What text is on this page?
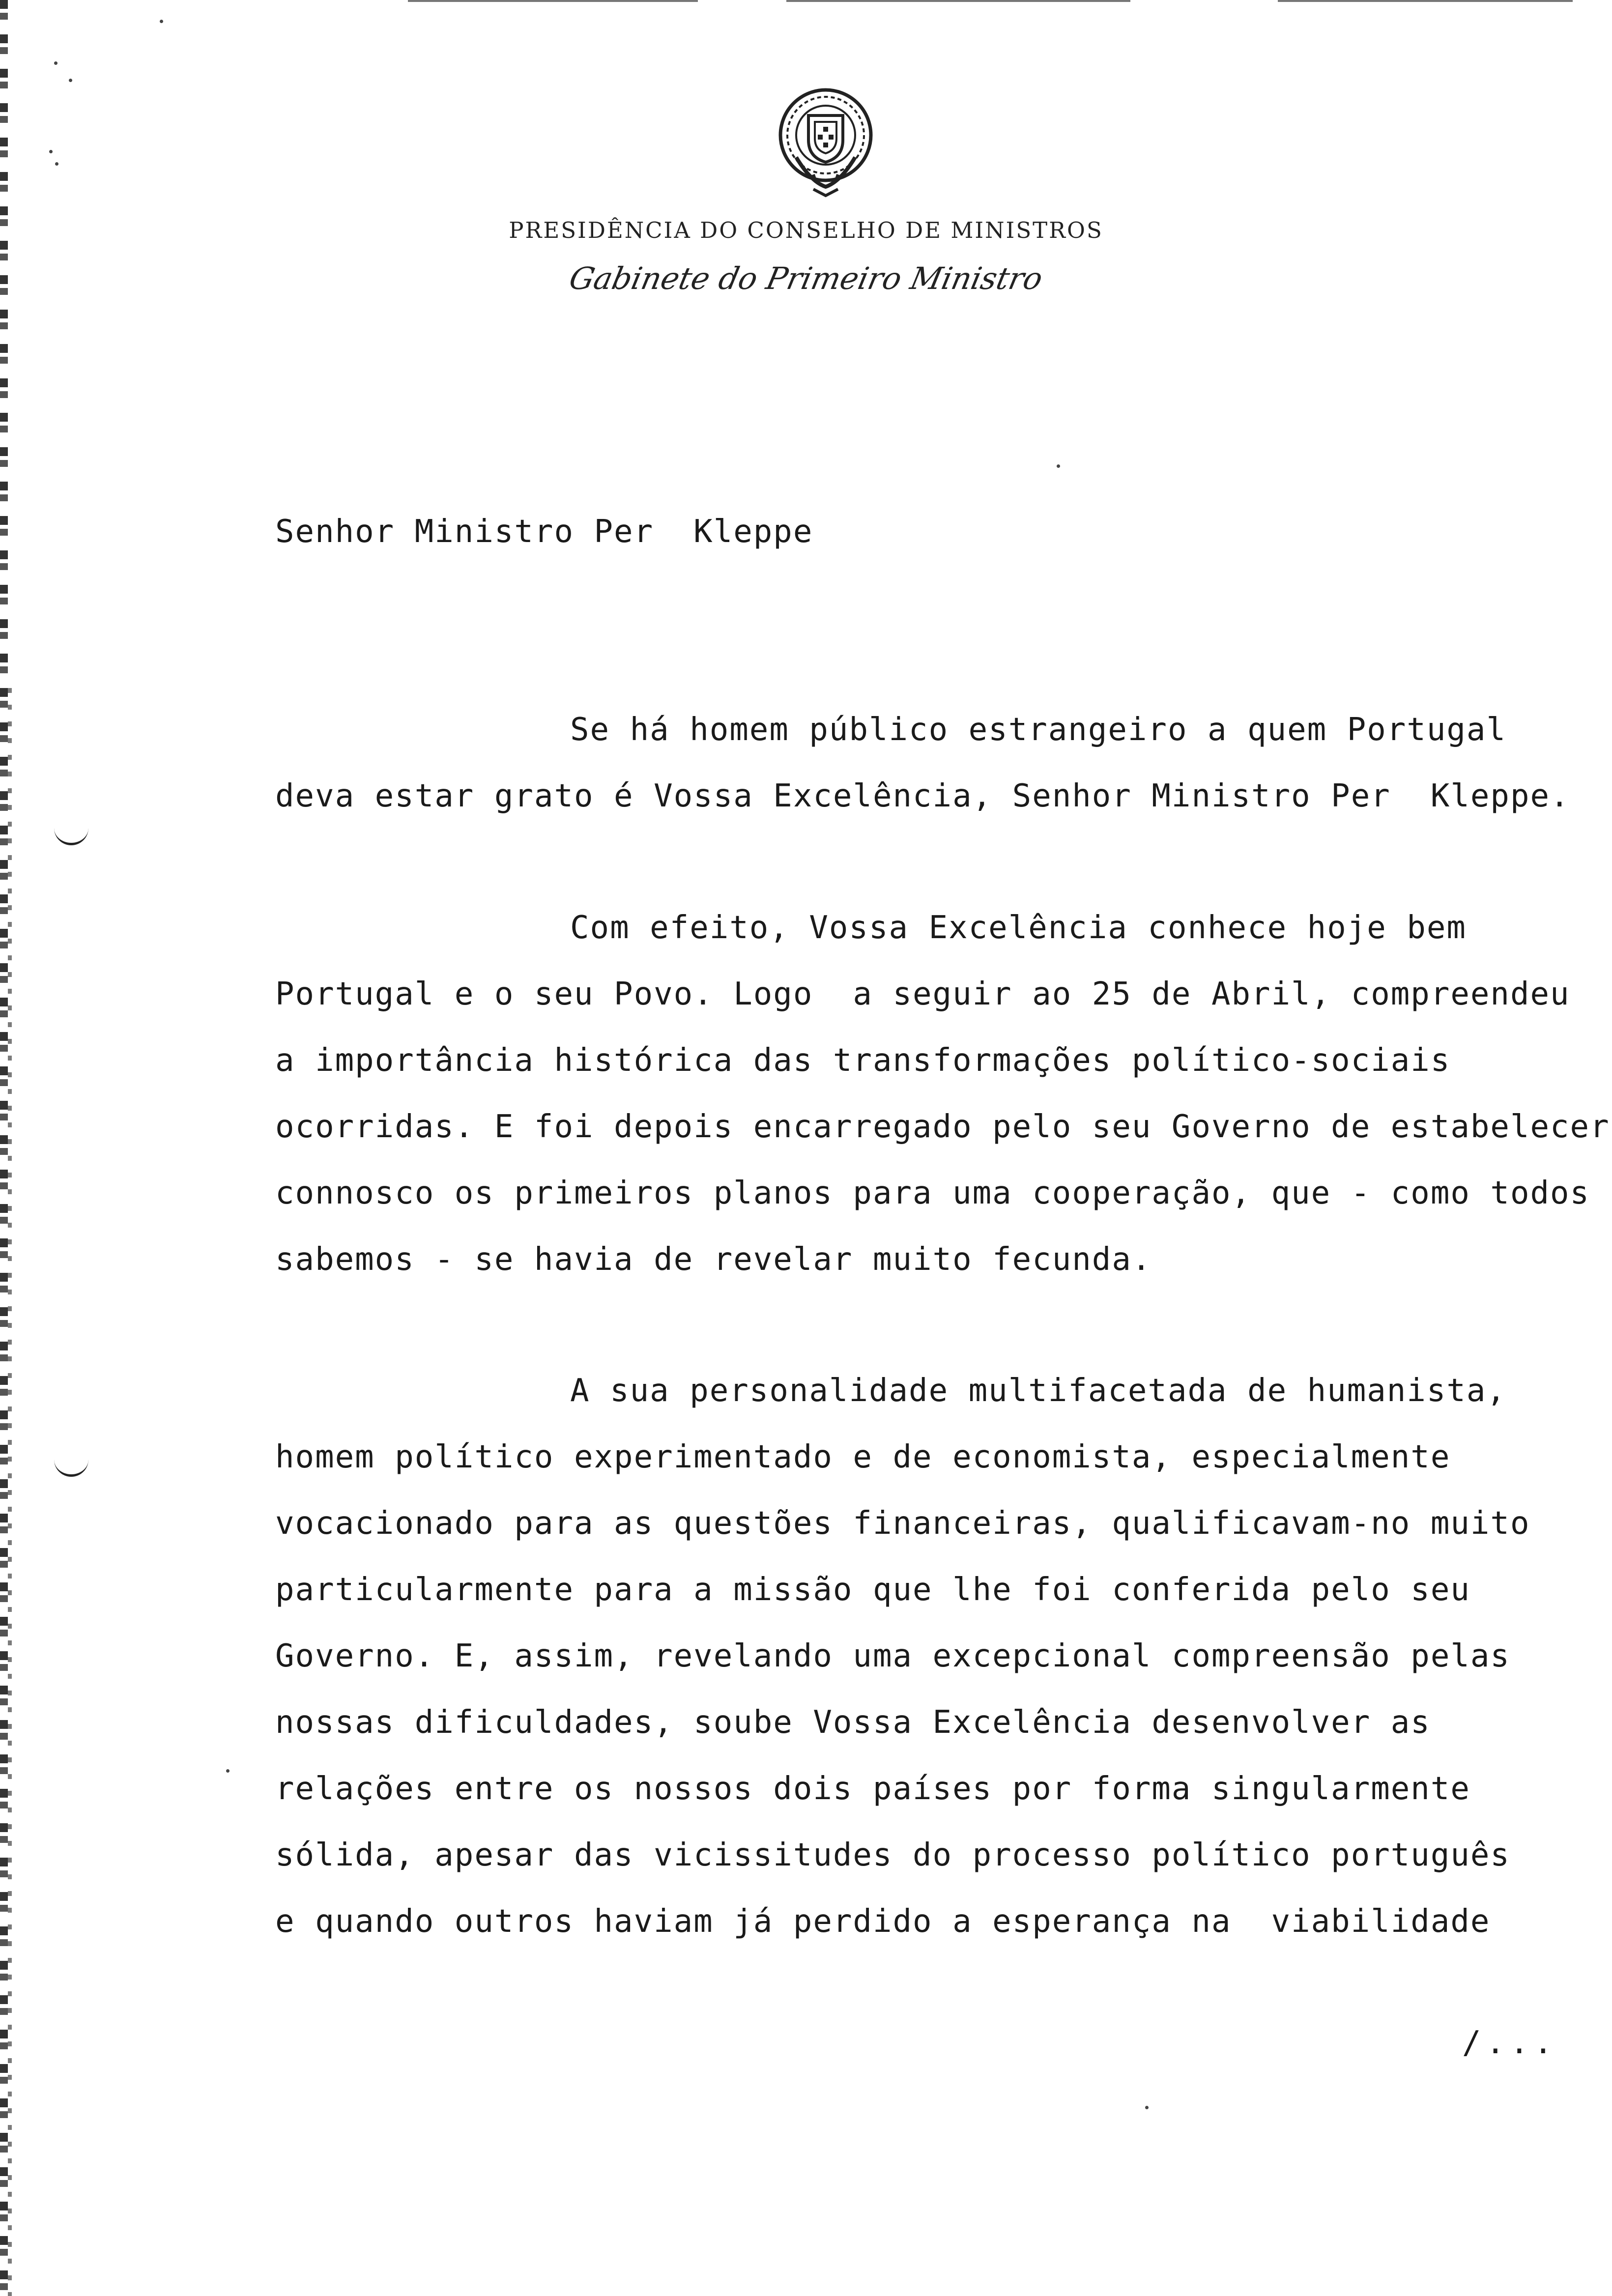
PRESIDÊNCIA DO CONSELHO DE MINISTROS
Gabinete do Primeiro Ministro
Senhor Ministro Per  Kleppe
Se há homem público estrangeiro a quem Portugal
deva estar grato é Vossa Excelência, Senhor Ministro Per  Kleppe.
Com efeito, Vossa Excelência conhece hoje bem
Portugal e o seu Povo. Logo  a seguir ao 25 de Abril, compreendeu
a importância histórica das transformações político-sociais
ocorridas. E foi depois encarregado pelo seu Governo de estabelecer
connosco os primeiros planos para uma cooperação, que - como todos
sabemos - se havia de revelar muito fecunda.
A sua personalidade multifacetada de humanista,
homem político experimentado e de economista, especialmente
vocacionado para as questões financeiras, qualificavam-no muito
particularmente para a missão que lhe foi conferida pelo seu
Governo. E, assim, revelando uma excepcional compreensão pelas
nossas dificuldades, soube Vossa Excelência desenvolver as
relações entre os nossos dois países por forma singularmente
sólida, apesar das vicissitudes do processo político português
e quando outros haviam já perdido a esperança na  viabilidade
/...
